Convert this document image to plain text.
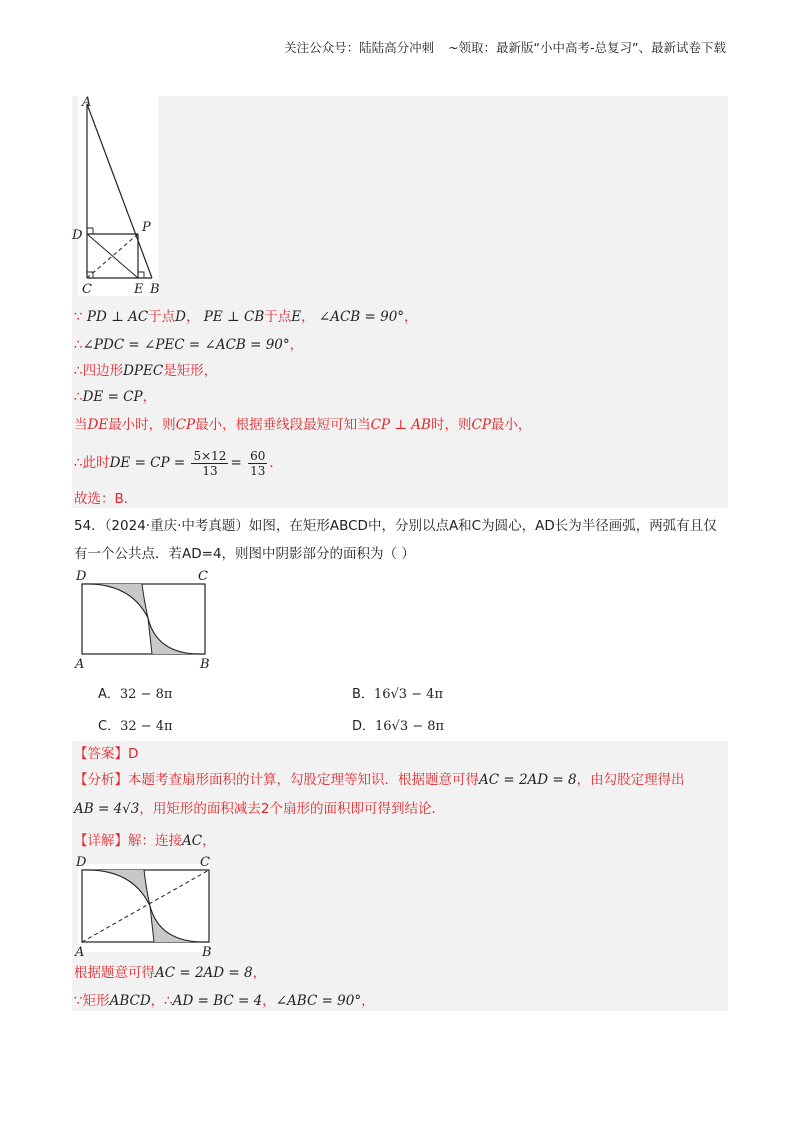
关注公众号：陆陆高分冲刺 ~领取：最新版“小中高考-总复习”、最新试卷下载
A
D
P
C	E B
∵ PD ⊥ AC于点D， PE ⊥ CB于点E， ∠ACB = 90°，
∴∠PDC = ∠PEC = ∠ACB = 90°，
∴四边形DPEC是矩形，
∴DE = CP，
当DE最小时，则CP最小，根据垂线段最短可知当CP ⊥ AB时，则CP最小，
∴此时DE = CP = $\frac{5\times 12}{13} = \frac{60}{13}$ ．
故选：B．
54．（2024·重庆·中考真题）如图，在矩形ABCD中，分别以点A和C为圆心，AD长为半径画弧，两弧有且仅有一个公共点．若AD=4，则图中阴影部分的面积为（ ）
D	C
A	B
A．32 − 8π	B．16√3 − 4π
C．32 − 4π	D．16√3 − 8π
【答案】D
【分析】本题考查扇形面积的计算，勾股定理等知识．根据题意可得AC = 2AD = 8，由勾股定理得出
AB = 4√3，用矩形的面积减去2个扇形的面积即可得到结论．
【详解】解：连接AC，
D	C
A	B
根据题意可得AC = 2AD = 8，
∵矩形ABCD，∴AD = BC = 4，∠ABC = 90°，
